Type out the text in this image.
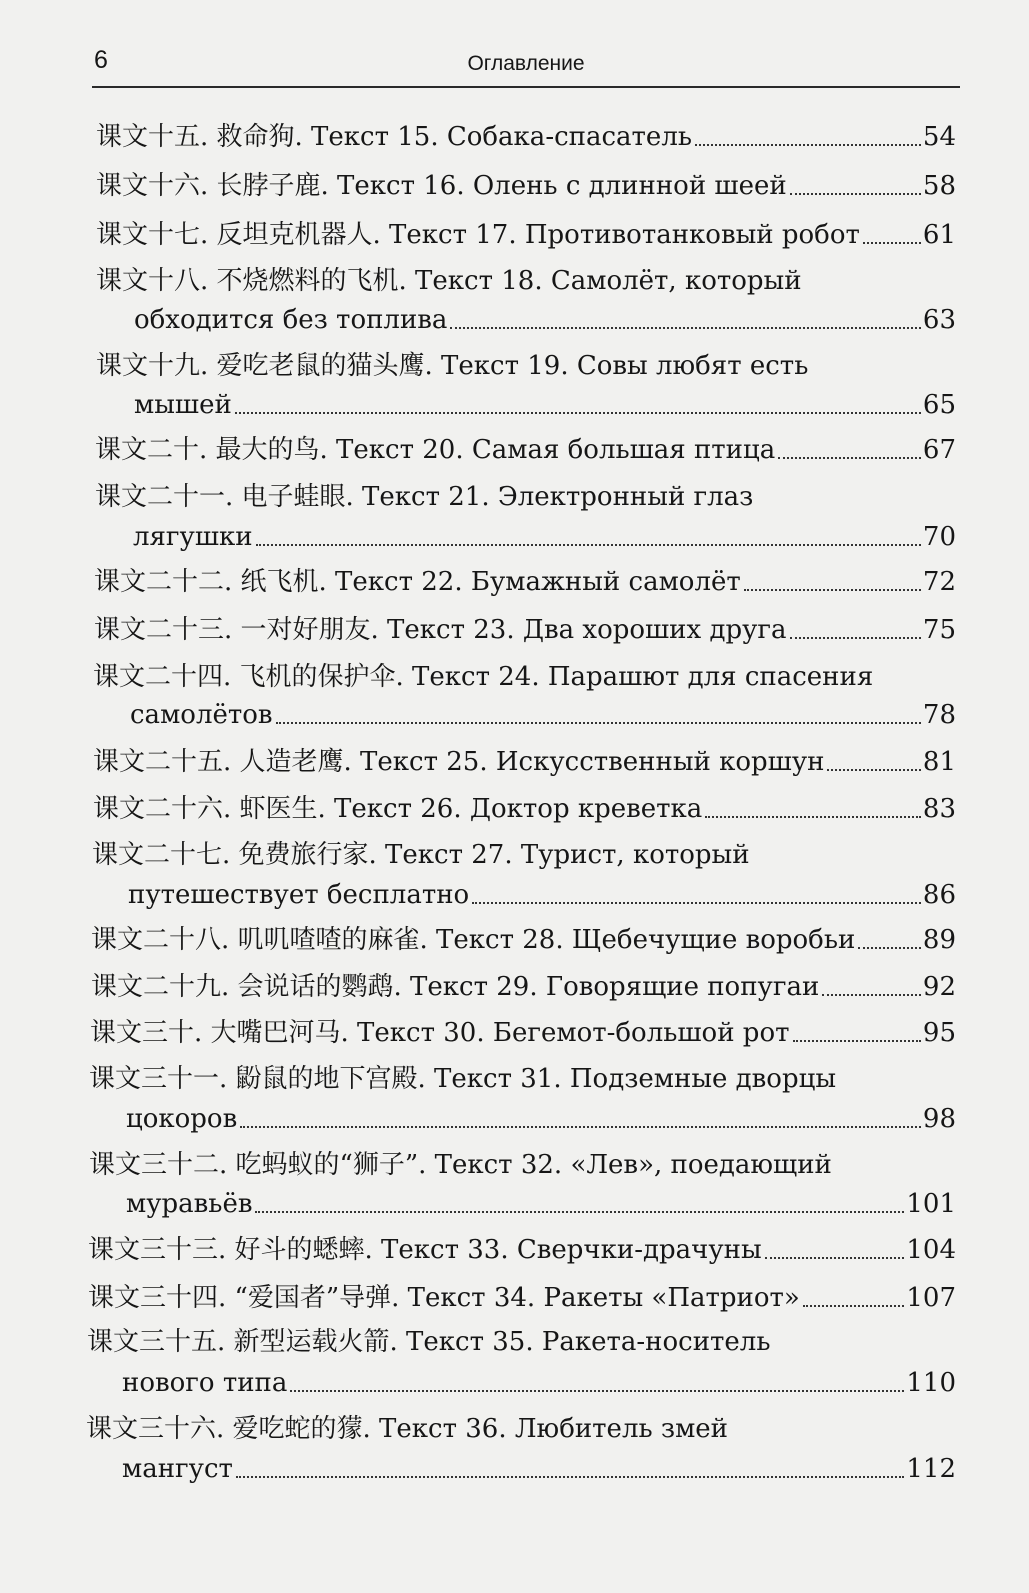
6	Оглавление
课文十五. 救命狗. Текст 15. Собака-спасатель	54
课文十六. 长脖子鹿. Текст 16. Олень с длинной шеей	58
课文十七. 反坦克机器人. Текст 17. Противотанковый робот 61
课文十八. 不烧燃料的飞机. Текст 18. Самолёт, который
обходится без топлива	63
课文十九. 爱吃老鼠的猫头鹰. Текст 19. Совы любят есть
мышей	65
课文二十. 最大的鸟. Текст 20. Самая большая птица	67
课文二十一. 电子蛙眼. Текст 21. Электронный глаз
лягушки	70
课文二十二. 纸飞机. Текст 22. Бумажный самолёт	72
课文二十三. 一对好朋友. Текст 23. Два хороших друга	75
课文二十四. 飞机的保护伞. Текст 24. Парашют для спасения
самолётов	78
课文二十五. 人造老鹰. Текст 25. Искусственный коршун	81
课文二十六. 虾医生. Текст 26. Доктор креветка	83
课文二十七. 免费旅行家. Текст 27. Турист, который
путешествует бесплатно	86
课文二十八. 叽叽喳喳的麻雀. Текст 28. Щебечущие воробьи	89
课文二十九. 会说话的鹦鹉. Текст 29. Говорящие попугаи	92
课文三十. 大嘴巴河马. Текст 30. Бегемот-большой рот	95
课文三十一. 鼢鼠的地下宫殿. Текст 31. Подземные дворцы
цокоров	98
课文三十二. 吃蚂蚁的“狮子”. Текст 32. «Лев», поедающий
муравьёв	101
课文三十三. 好斗的蟋蟀. Текст 33. Сверчки-драчуны	104
课文三十四. “爱国者”导弹. Текст 34. Ракеты «Патриот»	107
课文三十五. 新型运载火箭. Текст 35. Ракета-носитель
нового типа	110
课文三十六. 爱吃蛇的獴. Текст 36. Любитель змей
мангуст	112
